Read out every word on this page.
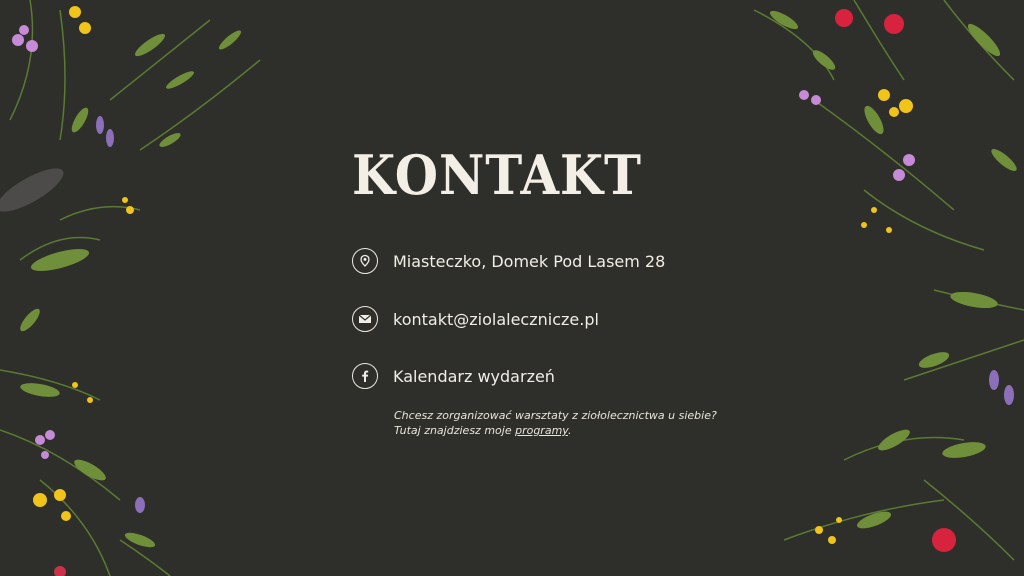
KONTAKT
Miasteczko, Domek Pod Lasem 28
kontakt@ziolalecznicze.pl
Kalendarz wydarzeń
Chcesz zorganizować warsztaty z ziołolecznictwa u siebie?
Tutaj znajdziesz moje programy.
